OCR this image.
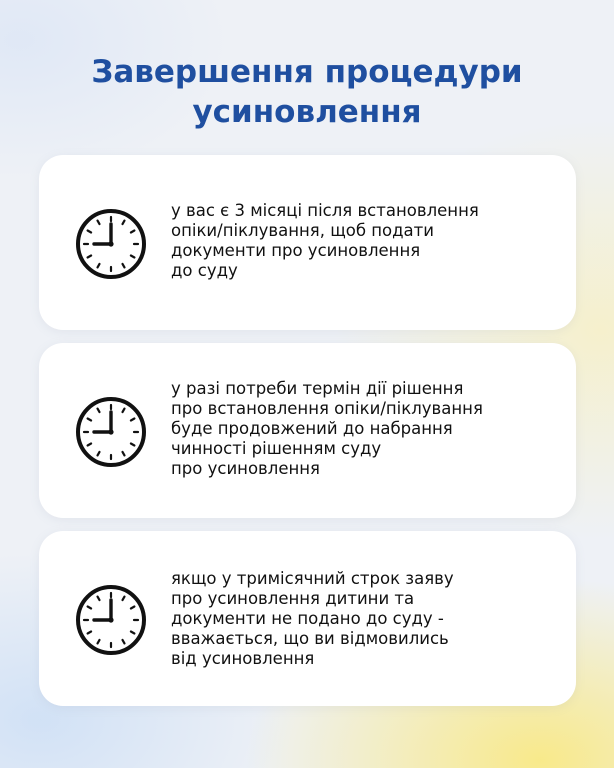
Завершення процедури
усиновлення
у вас є 3 місяці після встановлення
опіки/піклування, щоб подати
документи про усиновлення
до суду
у разі потреби термін дії рішення
про встановлення опіки/піклування
буде продовжений до набрання
чинності рішенням суду
про усиновлення
якщо у тримісячний строк заяву
про усиновлення дитини та
документи не подано до суду -
вважається, що ви відмовились
від усиновлення
